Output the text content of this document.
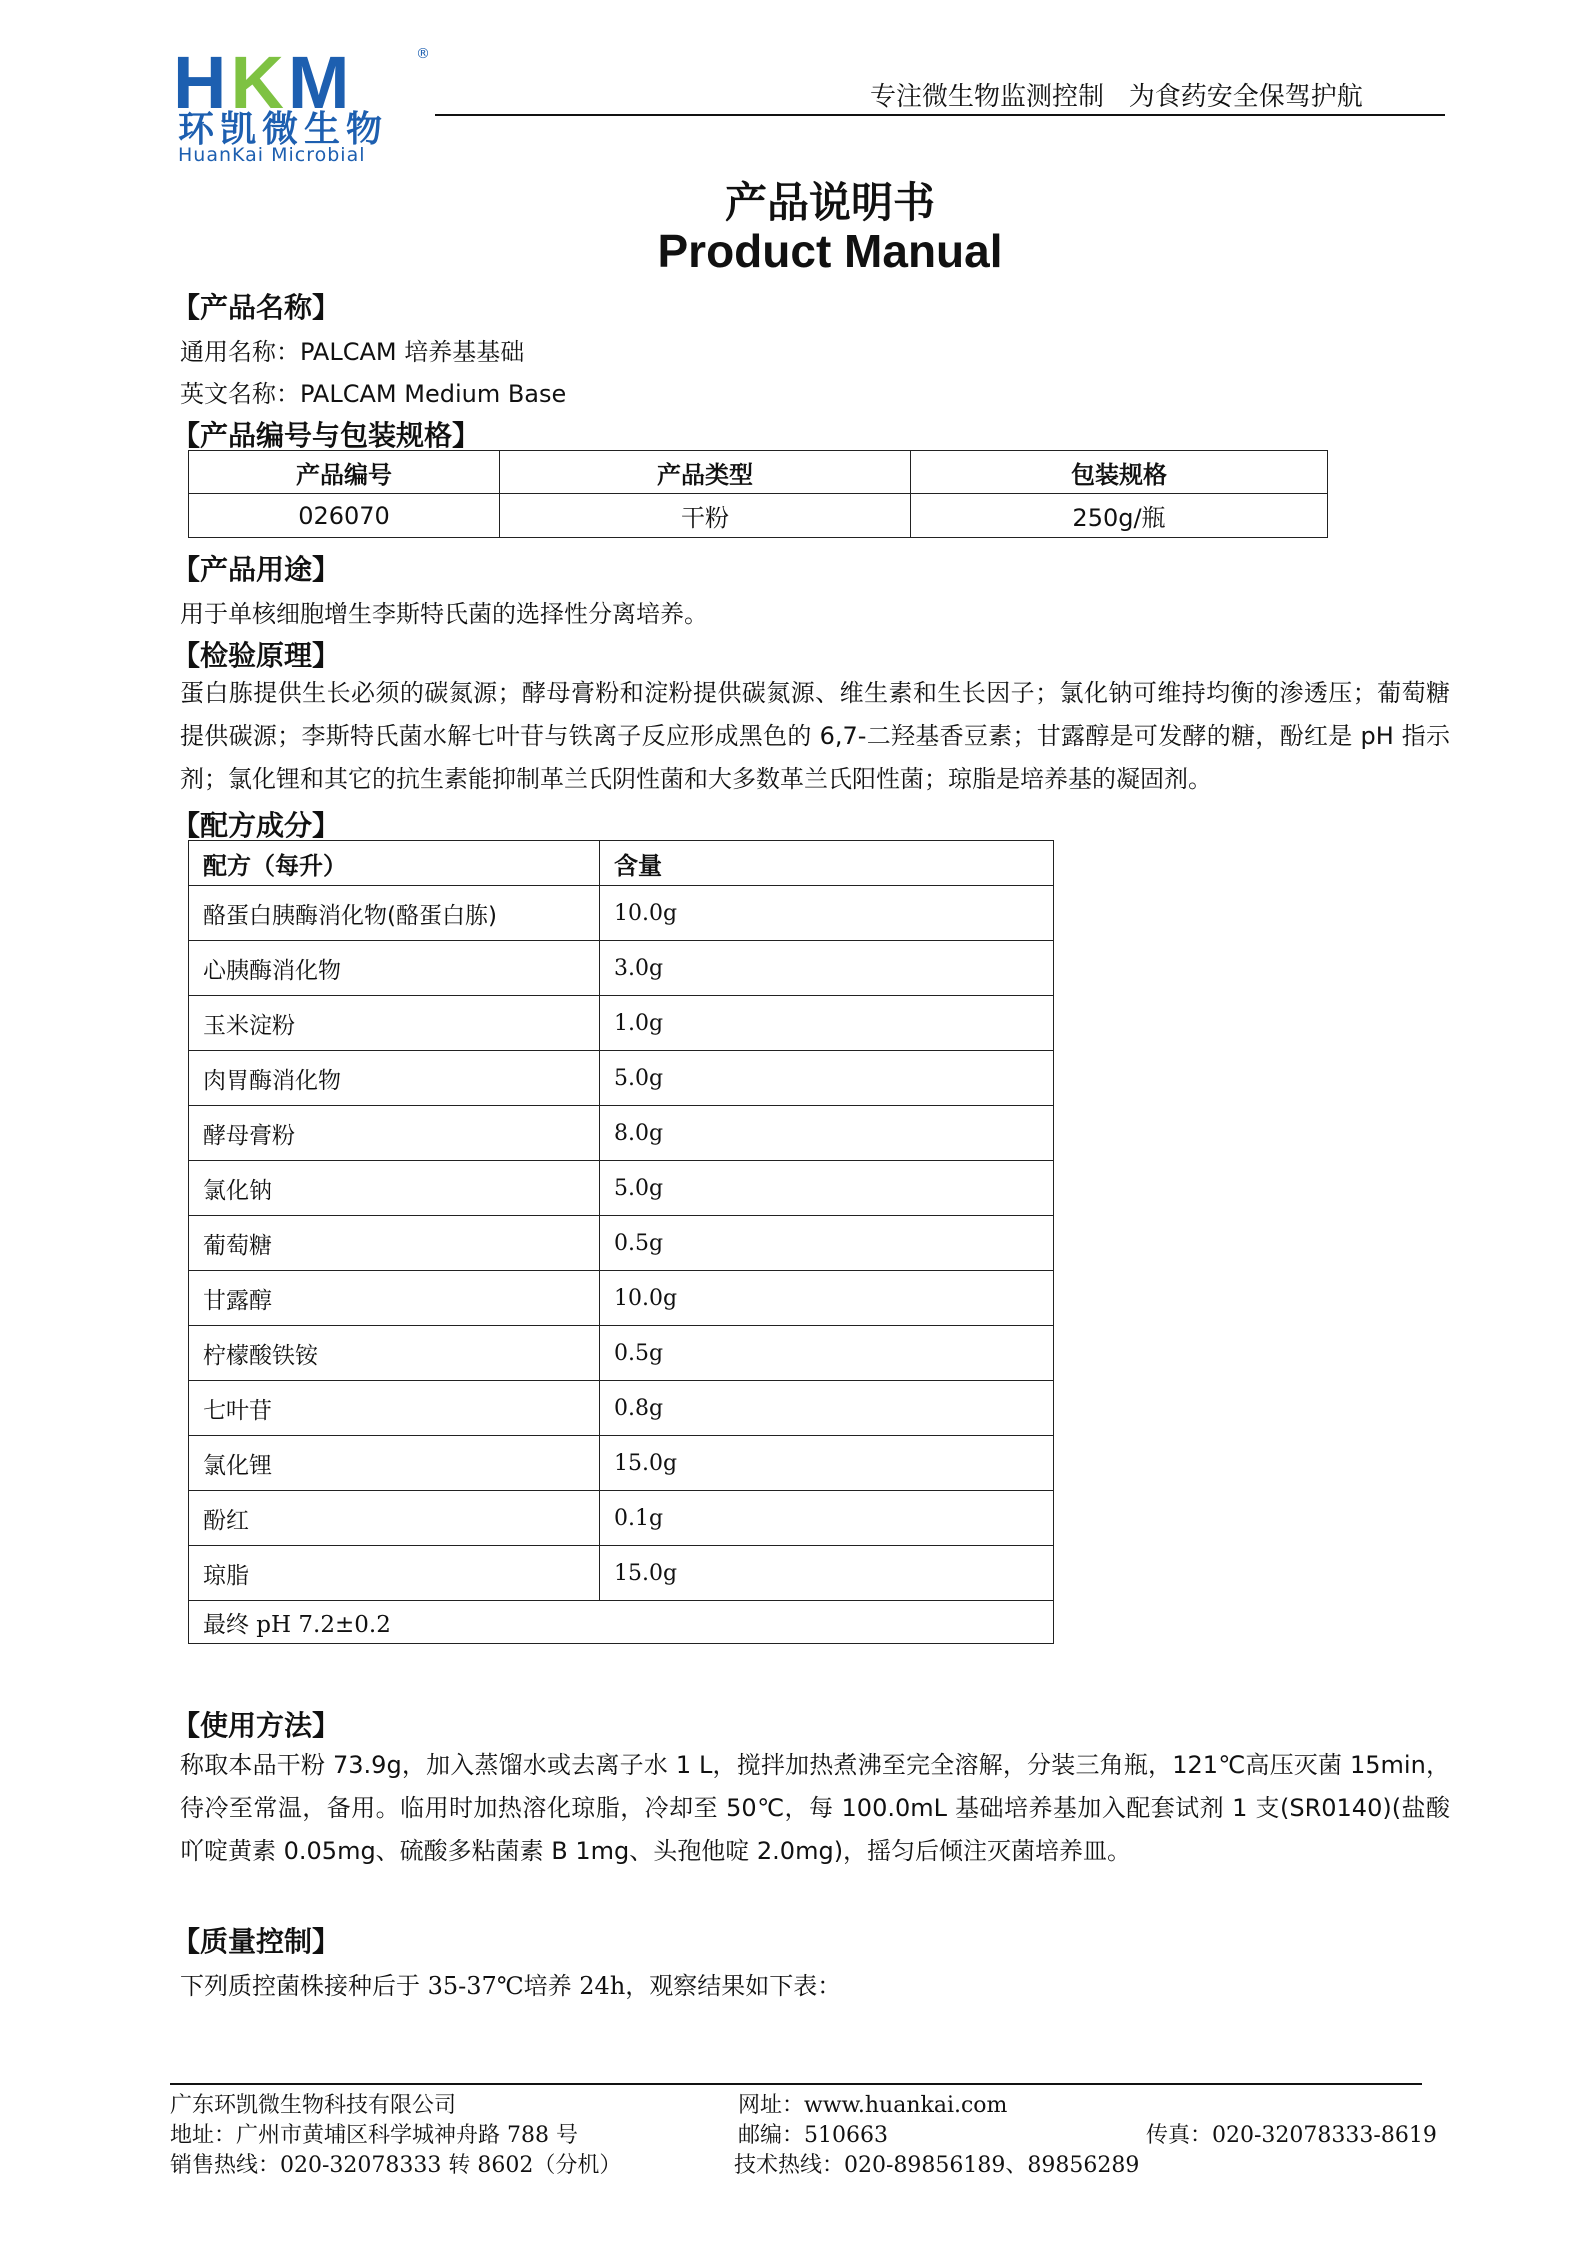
HKM	®
环凯微生物
HuanKai Microbial
专注微生物监测控制   为食药安全保驾护航
产品说明书
Product Manual
【产品名称】
通用名称：PALCAM 培养基基础
英文名称：PALCAM Medium Base
【产品编号与包装规格】
产品编号	产品类型	包装规格
026070	干粉	250g/瓶
【产品用途】
用于单核细胞增生李斯特氏菌的选择性分离培养。
【检验原理】
蛋白胨提供生长必须的碳氮源；酵母膏粉和淀粉提供碳氮源、维生素和生长因子；氯化钠可维持均衡的渗透压；葡萄糖提供碳源；李斯特氏菌水解七叶苷与铁离子反应形成黑色的 6,7-二羟基香豆素；甘露醇是可发酵的糖，酚红是 pH 指示剂；氯化锂和其它的抗生素能抑制革兰氏阴性菌和大多数革兰氏阳性菌；琼脂是培养基的凝固剂。
【配方成分】
配方（每升）	含量
酪蛋白胰酶消化物(酪蛋白胨)	10.0g
心胰酶消化物	3.0g
玉米淀粉	1.0g
肉胃酶消化物	5.0g
酵母膏粉	8.0g
氯化钠	5.0g
葡萄糖	0.5g
甘露醇	10.0g
柠檬酸铁铵	0.5g
七叶苷	0.8g
氯化锂	15.0g
酚红	0.1g
琼脂	15.0g
最终 pH 7.2±0.2	
【使用方法】
称取本品干粉 73.9g，加入蒸馏水或去离子水 1 L，搅拌加热煮沸至完全溶解，分装三角瓶，121℃高压灭菌 15min，待冷至常温，备用。临用时加热溶化琼脂，冷却至 50℃，每 100.0mL 基础培养基加入配套试剂 1 支(SR0140)(盐酸吖啶黄素 0.05mg、硫酸多粘菌素 B 1mg、头孢他啶 2.0mg)，摇匀后倾注灭菌培养皿。
【质量控制】
下列质控菌株接种后于 35-37℃培养 24h，观察结果如下表：
广东环凯微生物科技有限公司
地址：广州市黄埔区科学城神舟路 788 号
销售热线：020-32078333 转 8602（分机）
网址：www.huankai.com
邮编：510663
技术热线：020-89856189、89856289
传真：020-32078333-8619
